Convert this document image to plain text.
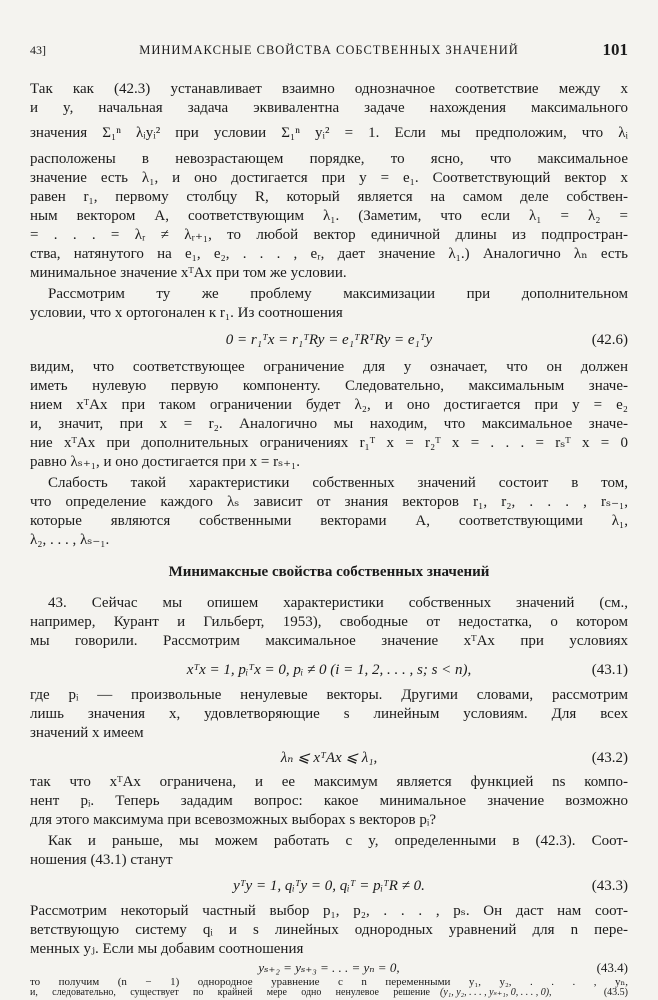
43]	МИНИМАКСНЫЕ СВОЙСТВА СОБСТВЕННЫХ ЗНАЧЕНИЙ	101
Так как (42.3) устанавливает взаимно однозначное соответствие между x
и y, начальная задача эквивалентна задаче нахождения максимального
значения Σ₁ⁿ λᵢyᵢ² при условии Σ₁ⁿ yᵢ² = 1. Если мы предположим, что λᵢ
расположены в невозрастающем порядке, то ясно, что максимальное
значение есть λ₁, и оно достигается при y = e₁. Соответствующий вектор x
равен r₁, первому столбцу R, который является на самом деле собствен-
ным вектором A, соответствующим λ₁. (Заметим, что если λ₁ = λ₂ =
= . . . = λᵣ ≠ λᵣ₊₁, то любой вектор единичной длины из подпростран-
ства, натянутого на e₁, e₂, . . . , eᵣ, дает значение λ₁.) Аналогично λₙ есть
минимальное значение xᵀAx при том же условии.
Рассмотрим ту же проблему максимизации при дополнительном
условии, что x ортогонален к r₁. Из соотношения
0 = r₁ᵀx = r₁ᵀRy = e₁ᵀRᵀRy = e₁ᵀy	(42.6)
видим, что соответствующее ограничение для y означает, что он должен
иметь нулевую первую компоненту. Следовательно, максимальным значе-
нием xᵀAx при таком ограничении будет λ₂, и оно достигается при y = e₂
и, значит, при x = r₂. Аналогично мы находим, что максимальное значе-
ние xᵀAx при дополнительных ограничениях r₁ᵀ x = r₂ᵀ x = . . . = rₛᵀ x = 0
равно λₛ₊₁, и оно достигается при x = rₛ₊₁.
Слабость такой характеристики собственных значений состоит в том,
что определение каждого λₛ зависит от знания векторов r₁, r₂, . . . , rₛ₋₁,
которые являются собственными векторами A, соответствующими λ₁,
λ₂, . . . , λₛ₋₁.
Минимаксные свойства собственных значений
43. Сейчас мы опишем характеристики собственных значений (см.,
например, Курант и Гильберт, 1953), свободные от недостатка, о котором
мы говорили. Рассмотрим максимальное значение xᵀAx при условиях
xᵀx = 1, pᵢᵀx = 0, pᵢ ≠ 0 (i = 1, 2, . . . , s; s < n),	(43.1)
где pᵢ — произвольные ненулевые векторы. Другими словами, рассмотрим
лишь значения x, удовлетворяющие s линейным условиям. Для всех
значений x имеем
λₙ ⩽ xᵀAx ⩽ λ₁,	(43.2)
так что xᵀAx ограничена, и ее максимум является функцией ns компо-
нент pᵢ. Теперь зададим вопрос: какое минимальное значение возможно
для этого максимума при всевозможных выборах s векторов pᵢ?
Как и раньше, мы можем работать с y, определенными в (42.3). Соот-
ношения (43.1) станут
yᵀy = 1, qᵢᵀy = 0, qᵢᵀ = pᵢᵀR ≠ 0.	(43.3)
Рассмотрим некоторый частный выбор p₁, p₂, . . . , pₛ. Он даст нам соот-
ветствующую систему qᵢ и s линейных однородных уравнений для n пере-
менных yⱼ. Если мы добавим соотношения
yₛ₊₂ = yₛ₊₃ = . . . = yₙ = 0,	(43.4)
то получим (n − 1) однородное уравнение с n переменными y₁, y₂, . . . , yₙ,
и, следовательно, существует по крайней мере одно ненулевое решение (y₁, y₂, . . . , yₛ₊₁, 0, . . . , 0),	(43.5)
